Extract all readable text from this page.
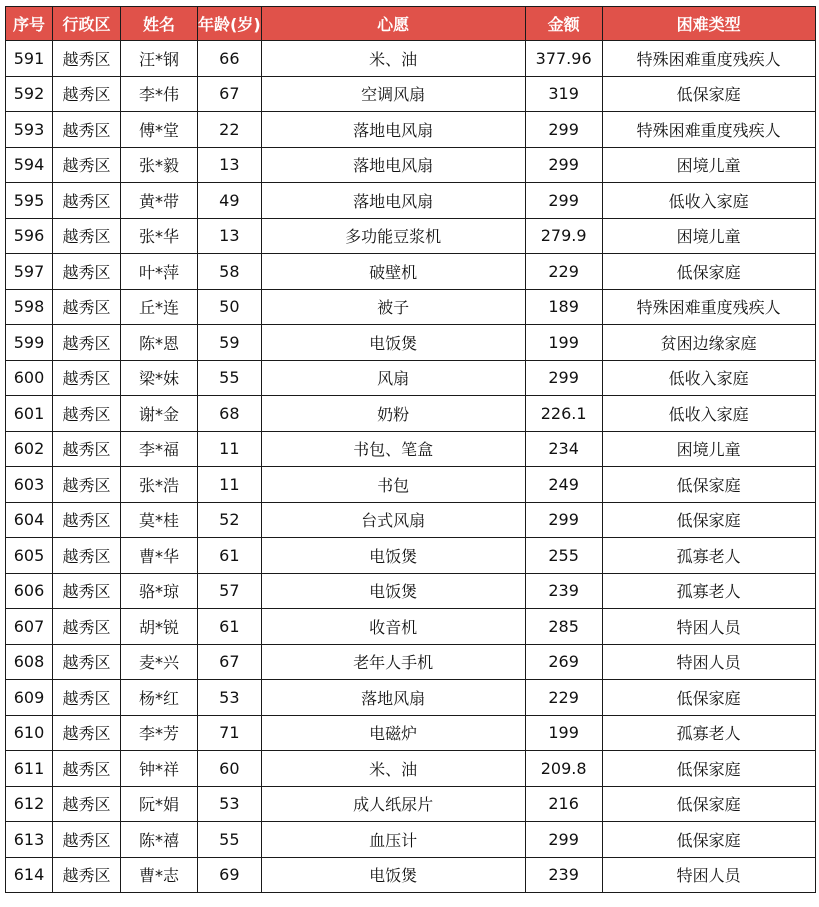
序号	行政区	姓名	年龄(岁)	心愿	金额	困难类型
591	越秀区	汪*钢	66	米、油	377.96	特殊困难重度残疾人
592	越秀区	李*伟	67	空调风扇	319	低保家庭
593	越秀区	傅*堂	22	落地电风扇	299	特殊困难重度残疾人
594	越秀区	张*毅	13	落地电风扇	299	困境儿童
595	越秀区	黄*带	49	落地电风扇	299	低收入家庭
596	越秀区	张*华	13	多功能豆浆机	279.9	困境儿童
597	越秀区	叶*萍	58	破壁机	229	低保家庭
598	越秀区	丘*连	50	被子	189	特殊困难重度残疾人
599	越秀区	陈*恩	59	电饭煲	199	贫困边缘家庭
600	越秀区	梁*妹	55	风扇	299	低收入家庭
601	越秀区	谢*金	68	奶粉	226.1	低收入家庭
602	越秀区	李*福	11	书包、笔盒	234	困境儿童
603	越秀区	张*浩	11	书包	249	低保家庭
604	越秀区	莫*桂	52	台式风扇	299	低保家庭
605	越秀区	曹*华	61	电饭煲	255	孤寡老人
606	越秀区	骆*琼	57	电饭煲	239	孤寡老人
607	越秀区	胡*锐	61	收音机	285	特困人员
608	越秀区	麦*兴	67	老年人手机	269	特困人员
609	越秀区	杨*红	53	落地风扇	229	低保家庭
610	越秀区	李*芳	71	电磁炉	199	孤寡老人
611	越秀区	钟*祥	60	米、油	209.8	低保家庭
612	越秀区	阮*娟	53	成人纸尿片	216	低保家庭
613	越秀区	陈*禧	55	血压计	299	低保家庭
614	越秀区	曹*志	69	电饭煲	239	特困人员
